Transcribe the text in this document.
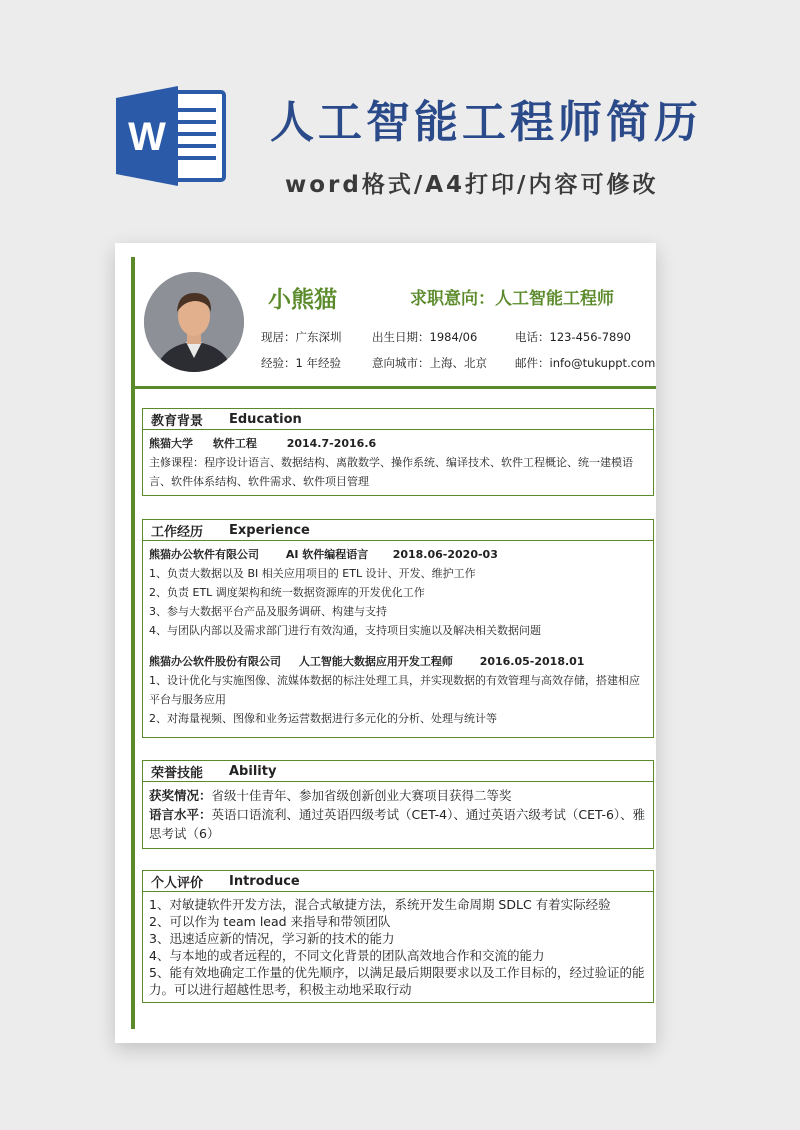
W 人工智能工程师简历
word格式/A4打印/内容可修改
小熊猫	求职意向：人工智能工程师
现居：广东深圳	出生日期：1984/06	电话：123-456-7890
经验：1 年经验	意向城市：上海、北京 邮件：info@tukuppt.com
教育背景	Education
熊猫大学 软件工程	2014.7-2016.6

主修课程：程序设计语言、数据结构、离散数学、操作系统、编译技术、软件工程概论、统一建模语言、软件体系结构、软件需求、软件项目管理

工作经历	Experience
熊猫办公软件有限公司 AI 软件编程语言 2018.06-2020-03

1、负责大数据以及 BI 相关应用项目的 ETL 设计、开发、维护工作

2、负责 ETL 调度架构和统一数据资源库的开发优化工作

3、参与大数据平台产品及服务调研、构建与支持

4、与团队内部以及需求部门进行有效沟通，支持项目实施以及解决相关数据问题

熊猫办公软件股份有限公司 人工智能大数据应用开发工程师 2016.05-2018.01

1、设计优化与实施图像、流媒体数据的标注处理工具，并实现数据的有效管理与高效存储，搭建相应平台与服务应用

2、对海量视频、图像和业务运营数据进行多元化的分析、处理与统计等

荣誉技能	Ability

获奖情况：省级十佳青年、参加省级创新创业大赛项目获得二等奖

语言水平：英语口语流利、通过英语四级考试（CET-4）、通过英语六级考试（CET-6）、雅思考试（6）

个人评价	Introduce

1、对敏捷软件开发方法，混合式敏捷方法，系统开发生命周期 SDLC 有着实际经验

2、可以作为 team lead 来指导和带领团队

3、迅速适应新的情况，学习新的技术的能力

4、与本地的或者远程的，不同文化背景的团队高效地合作和交流的能力

5、能有效地确定工作量的优先顺序，以满足最后期限要求以及工作目标的，经过验证的能力。可以进行超越性思考，积极主动地采取行动
